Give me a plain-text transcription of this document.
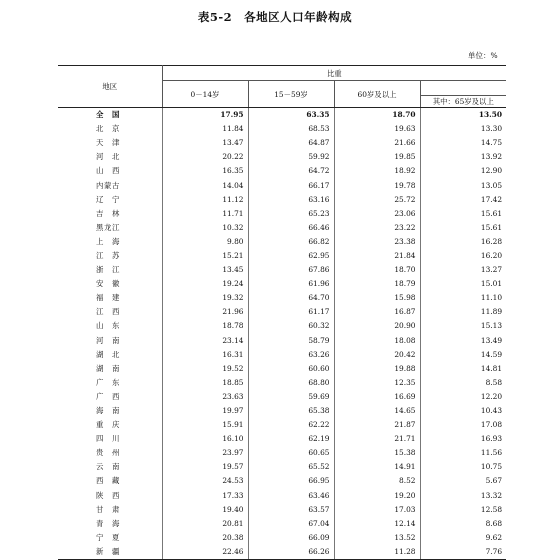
表5-2　各地区人口年龄构成
单位：%
地区	比重			
	0－14岁	15－59岁	60岁及以上	
				其中：65岁及以上
全　国	17.95	63.35	18.70	13.50
北　京	11.84	68.53	19.63	13.30
天　津	13.47	64.87	21.66	14.75
河　北	20.22	59.92	19.85	13.92
山　西	16.35	64.72	18.92	12.90
内蒙古	14.04	66.17	19.78	13.05
辽　宁	11.12	63.16	25.72	17.42
吉　林	11.71	65.23	23.06	15.61
黑龙江	10.32	66.46	23.22	15.61
上　海	9.80	66.82	23.38	16.28
江　苏	15.21	62.95	21.84	16.20
浙　江	13.45	67.86	18.70	13.27
安　徽	19.24	61.96	18.79	15.01
福　建	19.32	64.70	15.98	11.10
江　西	21.96	61.17	16.87	11.89
山　东	18.78	60.32	20.90	15.13
河　南	23.14	58.79	18.08	13.49
湖　北	16.31	63.26	20.42	14.59
湖　南	19.52	60.60	19.88	14.81
广　东	18.85	68.80	12.35	8.58
广　西	23.63	59.69	16.69	12.20
海　南	19.97	65.38	14.65	10.43
重　庆	15.91	62.22	21.87	17.08
四　川	16.10	62.19	21.71	16.93
贵　州	23.97	60.65	15.38	11.56
云　南	19.57	65.52	14.91	10.75
西　藏	24.53	66.95	8.52	5.67
陕　西	17.33	63.46	19.20	13.32
甘　肃	19.40	63.57	17.03	12.58
青　海	20.81	67.04	12.14	8.68
宁　夏	20.38	66.09	13.52	9.62
新　疆	22.46	66.26	11.28	7.76
